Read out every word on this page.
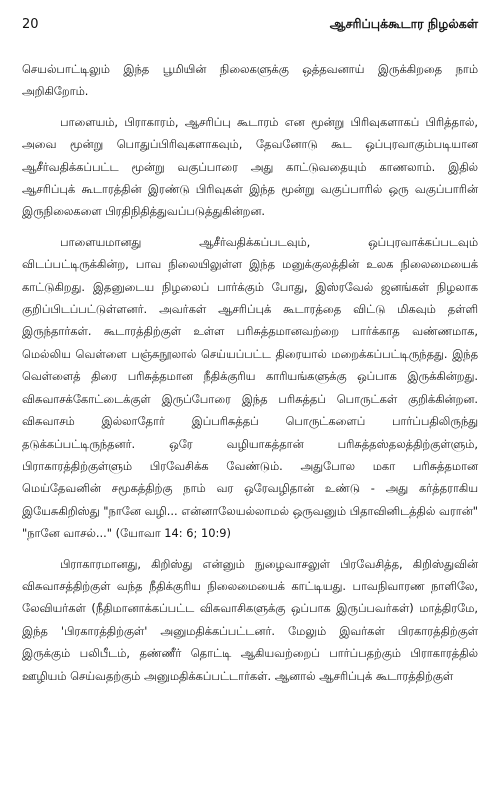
20	ஆசரிப்புக்கூடார நிழல்கள்

செயல்பாட்டிலும் இந்த பூமியின் நிலைகளுக்கு ஒத்தவனாய் இருக்கிறதை நாம் அறிகிறோம்.

பாளையம், பிராகாரம், ஆசரிப்பு கூடாரம் என மூன்று பிரிவுகளாகப் பிரித்தால், அவை மூன்று பொதுப்பிரிவுகளாகவும், தேவனோடு கூட ஒப்புரவாகும்படியான ஆசீர்வதிக்கப்பட்ட மூன்று வகுப்பாரை அது காட்டுவதையும் காணலாம். இதில் ஆசரிப்புக் கூடாரத்தின் இரண்டு பிரிவுகள் இந்த மூன்று வகுப்பாரில் ஒரு வகுப்பாரின் இருநிலைகளை பிரதிநிதித்துவப்படுத்துகின்றன.

பாளையமானது ஆசீர்வதிக்கப்படவும், ஒப்புரவாக்கப்படவும் விடப்பட்டிருக்கின்ற, பாவ நிலையிலுள்ள இந்த மனுக்குலத்தின் உலக நிலைமையைக் காட்டுகிறது. இதனுடைய நிழலைப் பார்க்கும் போது, இஸ்ரவேல் ஜனங்கள் நிழலாக குறிப்பிடப்பட்டுள்ளனர். அவர்கள் ஆசரிப்புக் கூடாரத்தை விட்டு மிகவும் தள்ளி இருந்தார்கள். கூடாரத்திற்குள் உள்ள பரிசுத்தமானவற்றை பார்க்காத வண்ணமாக, மெல்லிய வெள்ளை பஞ்சுநூலால் செய்யப்பட்ட திரையால் மறைக்கப்பட்டிருந்தது. இந்த வெள்ளைத் திரை பரிசுத்தமான நீதிக்குரிய காரியங்களுக்கு ஒப்பாக இருக்கின்றது. விசுவாசக்கோட்டைக்குள் இருப்போரை இந்த பரிசுத்தப் பொருட்கள் குறிக்கின்றன. விசுவாசம் இல்லாதோர் இப்பரிசுத்தப் பொருட்களைப் பார்ப்பதிலிருந்து தடுக்கப்பட்டிருந்தனர். ஒரே வழியாகத்தான் பரிசுத்தஸ்தலத்திற்குள்ளும், பிராகாரத்திற்குள்ளும் பிரவேசிக்க வேண்டும். அதுபோல மகா பரிசுத்தமான மெய்தேவனின் சமூகத்திற்கு நாம் வர ஒரேவழிதான் உண்டு - அது கர்த்தராகிய இயேசுகிறிஸ்து "நானே வழி... என்னாலேயல்லாமல் ஒருவனும் பிதாவினிடத்தில் வரான்" "நானே வாசல்..." (யோவா 14: 6; 10:9)

பிராகாரமானது, கிறிஸ்து என்னும் நுழைவாசலுள் பிரவேசித்த, கிறிஸ்துவின் விசுவாசத்திற்குள் வந்த நீதிக்குரிய நிலைமையைக் காட்டியது. பாவநிவாரண நாளிலே, லேவியர்கள் (நீதிமானாக்கப்பட்ட விசுவாசிகளுக்கு ஒப்பாக இருப்பவர்கள்) மாத்திரமே, இந்த 'பிரகாரத்திற்குள்' அனுமதிக்கப்பட்டனர். மேலும் இவர்கள் பிரகாரத்திற்குள் இருக்கும் பலிபீடம், தண்ணீர் தொட்டி ஆகியவற்றைப் பார்ப்பதற்கும் பிராகாரத்தில் ஊழியம் செய்வதற்கும் அனுமதிக்கப்பட்டார்கள். ஆனால் ஆசரிப்புக் கூடாரத்திற்குள்
